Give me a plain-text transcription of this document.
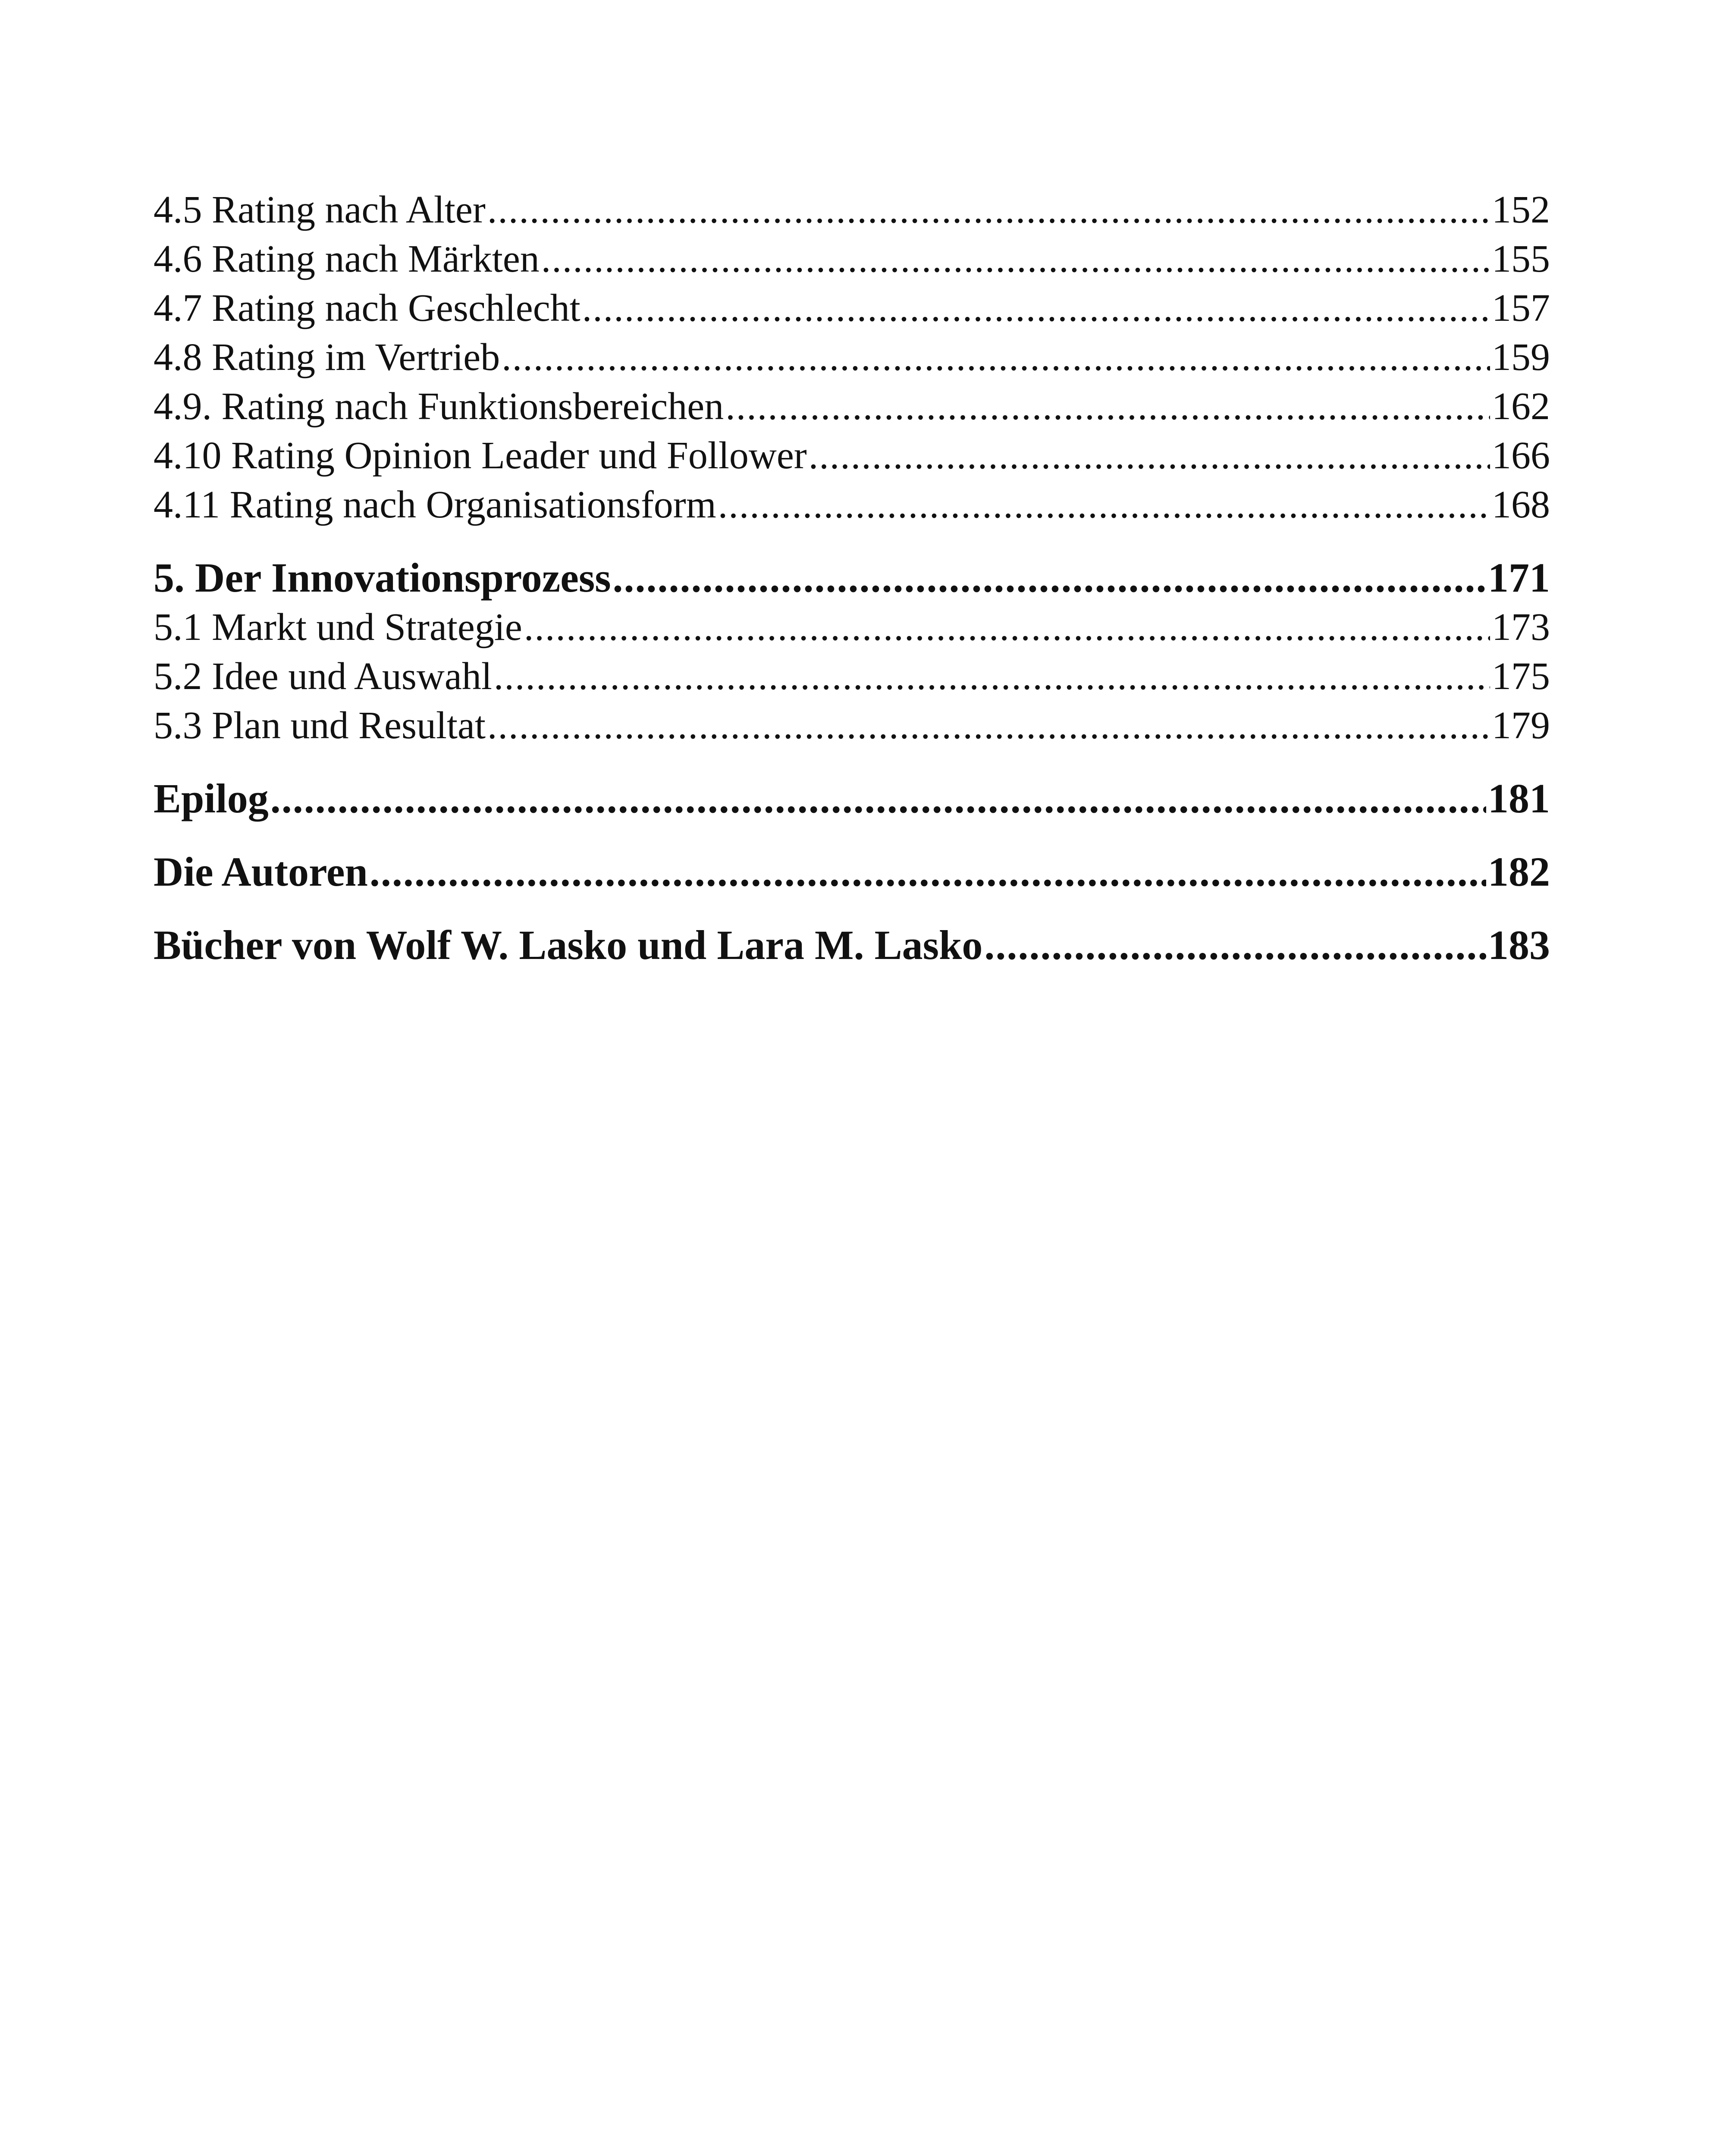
4.5 Rating nach Alter .....	152
4.6 Rating nach Märkten .....	155
4.7 Rating nach Geschlecht .....	157
4.8 Rating im Vertrieb .....	159
4.9. Rating nach Funktionsbereichen .....	162
4.10 Rating Opinion Leader und Follower .....	166
4.11 Rating nach Organisationsform .....	168
5. Der Innovationsprozess .....	171
5.1 Markt und Strategie .....	173
5.2 Idee und Auswahl .....	175
5.3 Plan und Resultat .....	179
Epilog .....	181
Die Autoren .....	182
Bücher von Wolf W. Lasko und Lara M. Lasko .....	183
